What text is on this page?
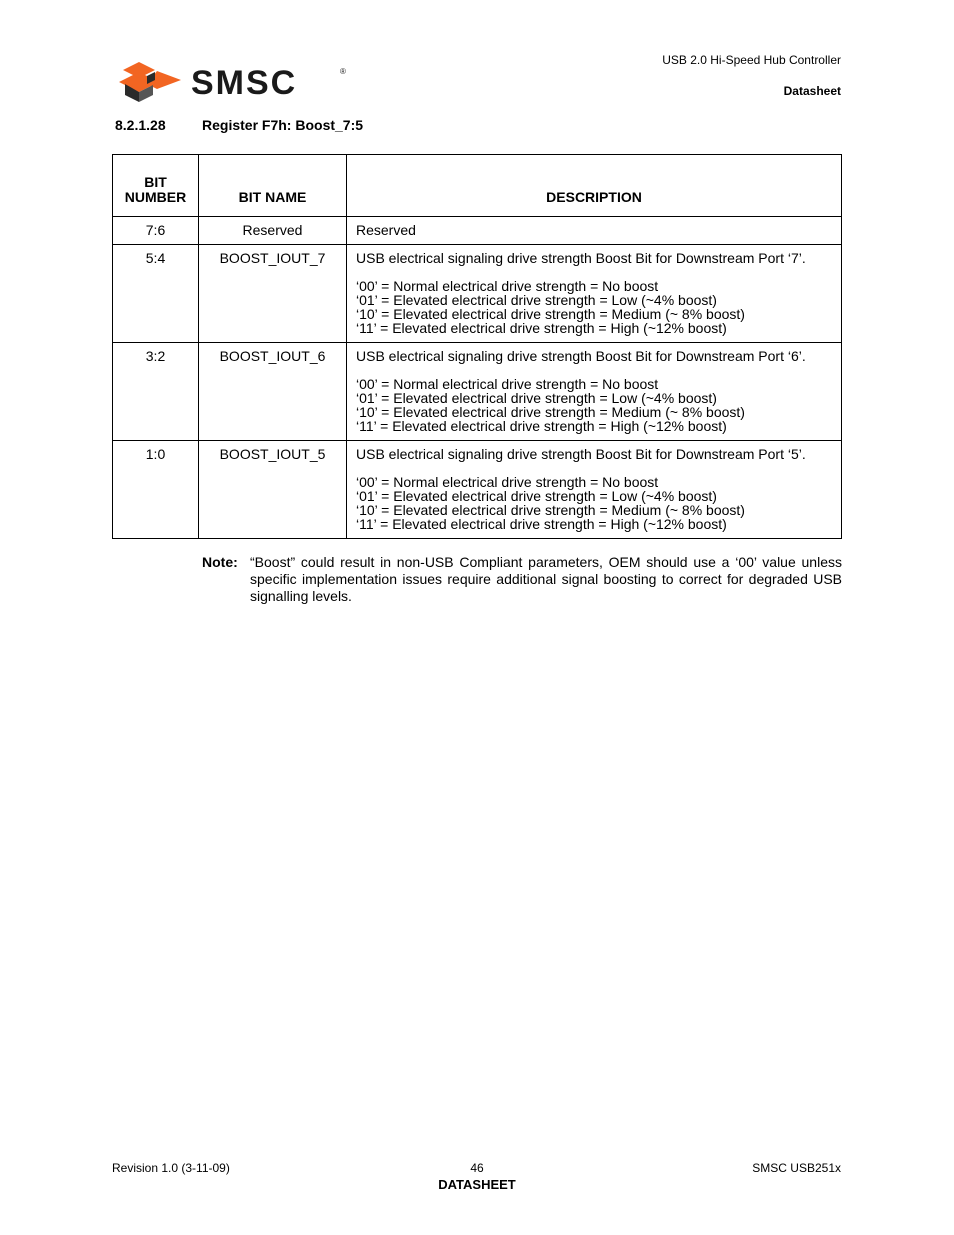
USB 2.0 Hi-Speed Hub Controller
Datasheet
SMSC	®
8.2.1.28	Register F7h: Boost_7:5
BIT
NUMBER	BIT NAME	DESCRIPTION
7:6	Reserved	Reserved
5:4	BOOST_IOUT_7	USB electrical signaling drive strength Boost Bit for Downstream Port ‘7’.
‘00’ = Normal electrical drive strength = No boost
‘01’ = Elevated electrical drive strength = Low (~4% boost)
‘10’ = Elevated electrical drive strength = Medium (~ 8% boost)
‘11’ = Elevated electrical drive strength = High (~12% boost)

3:2	BOOST_IOUT_6	USB electrical signaling drive strength Boost Bit for Downstream Port ‘6’.
‘00’ = Normal electrical drive strength = No boost
‘01’ = Elevated electrical drive strength = Low (~4% boost)
‘10’ = Elevated electrical drive strength = Medium (~ 8% boost)
‘11’ = Elevated electrical drive strength = High (~12% boost)

1:0	BOOST_IOUT_5	USB electrical signaling drive strength Boost Bit for Downstream Port ‘5’.
‘00’ = Normal electrical drive strength = No boost
‘01’ = Elevated electrical drive strength = Low (~4% boost)
‘10’ = Elevated electrical drive strength = Medium (~ 8% boost)
‘11’ = Elevated electrical drive strength = High (~12% boost)
Note: “Boost” could result in non-USB Compliant parameters, OEM should use a ‘00’ value unless specific implementation issues require additional signal boosting to correct for degraded USB signalling levels.
Revision 1.0 (3-11-09)	46
DATASHEET
SMSC USB251x
